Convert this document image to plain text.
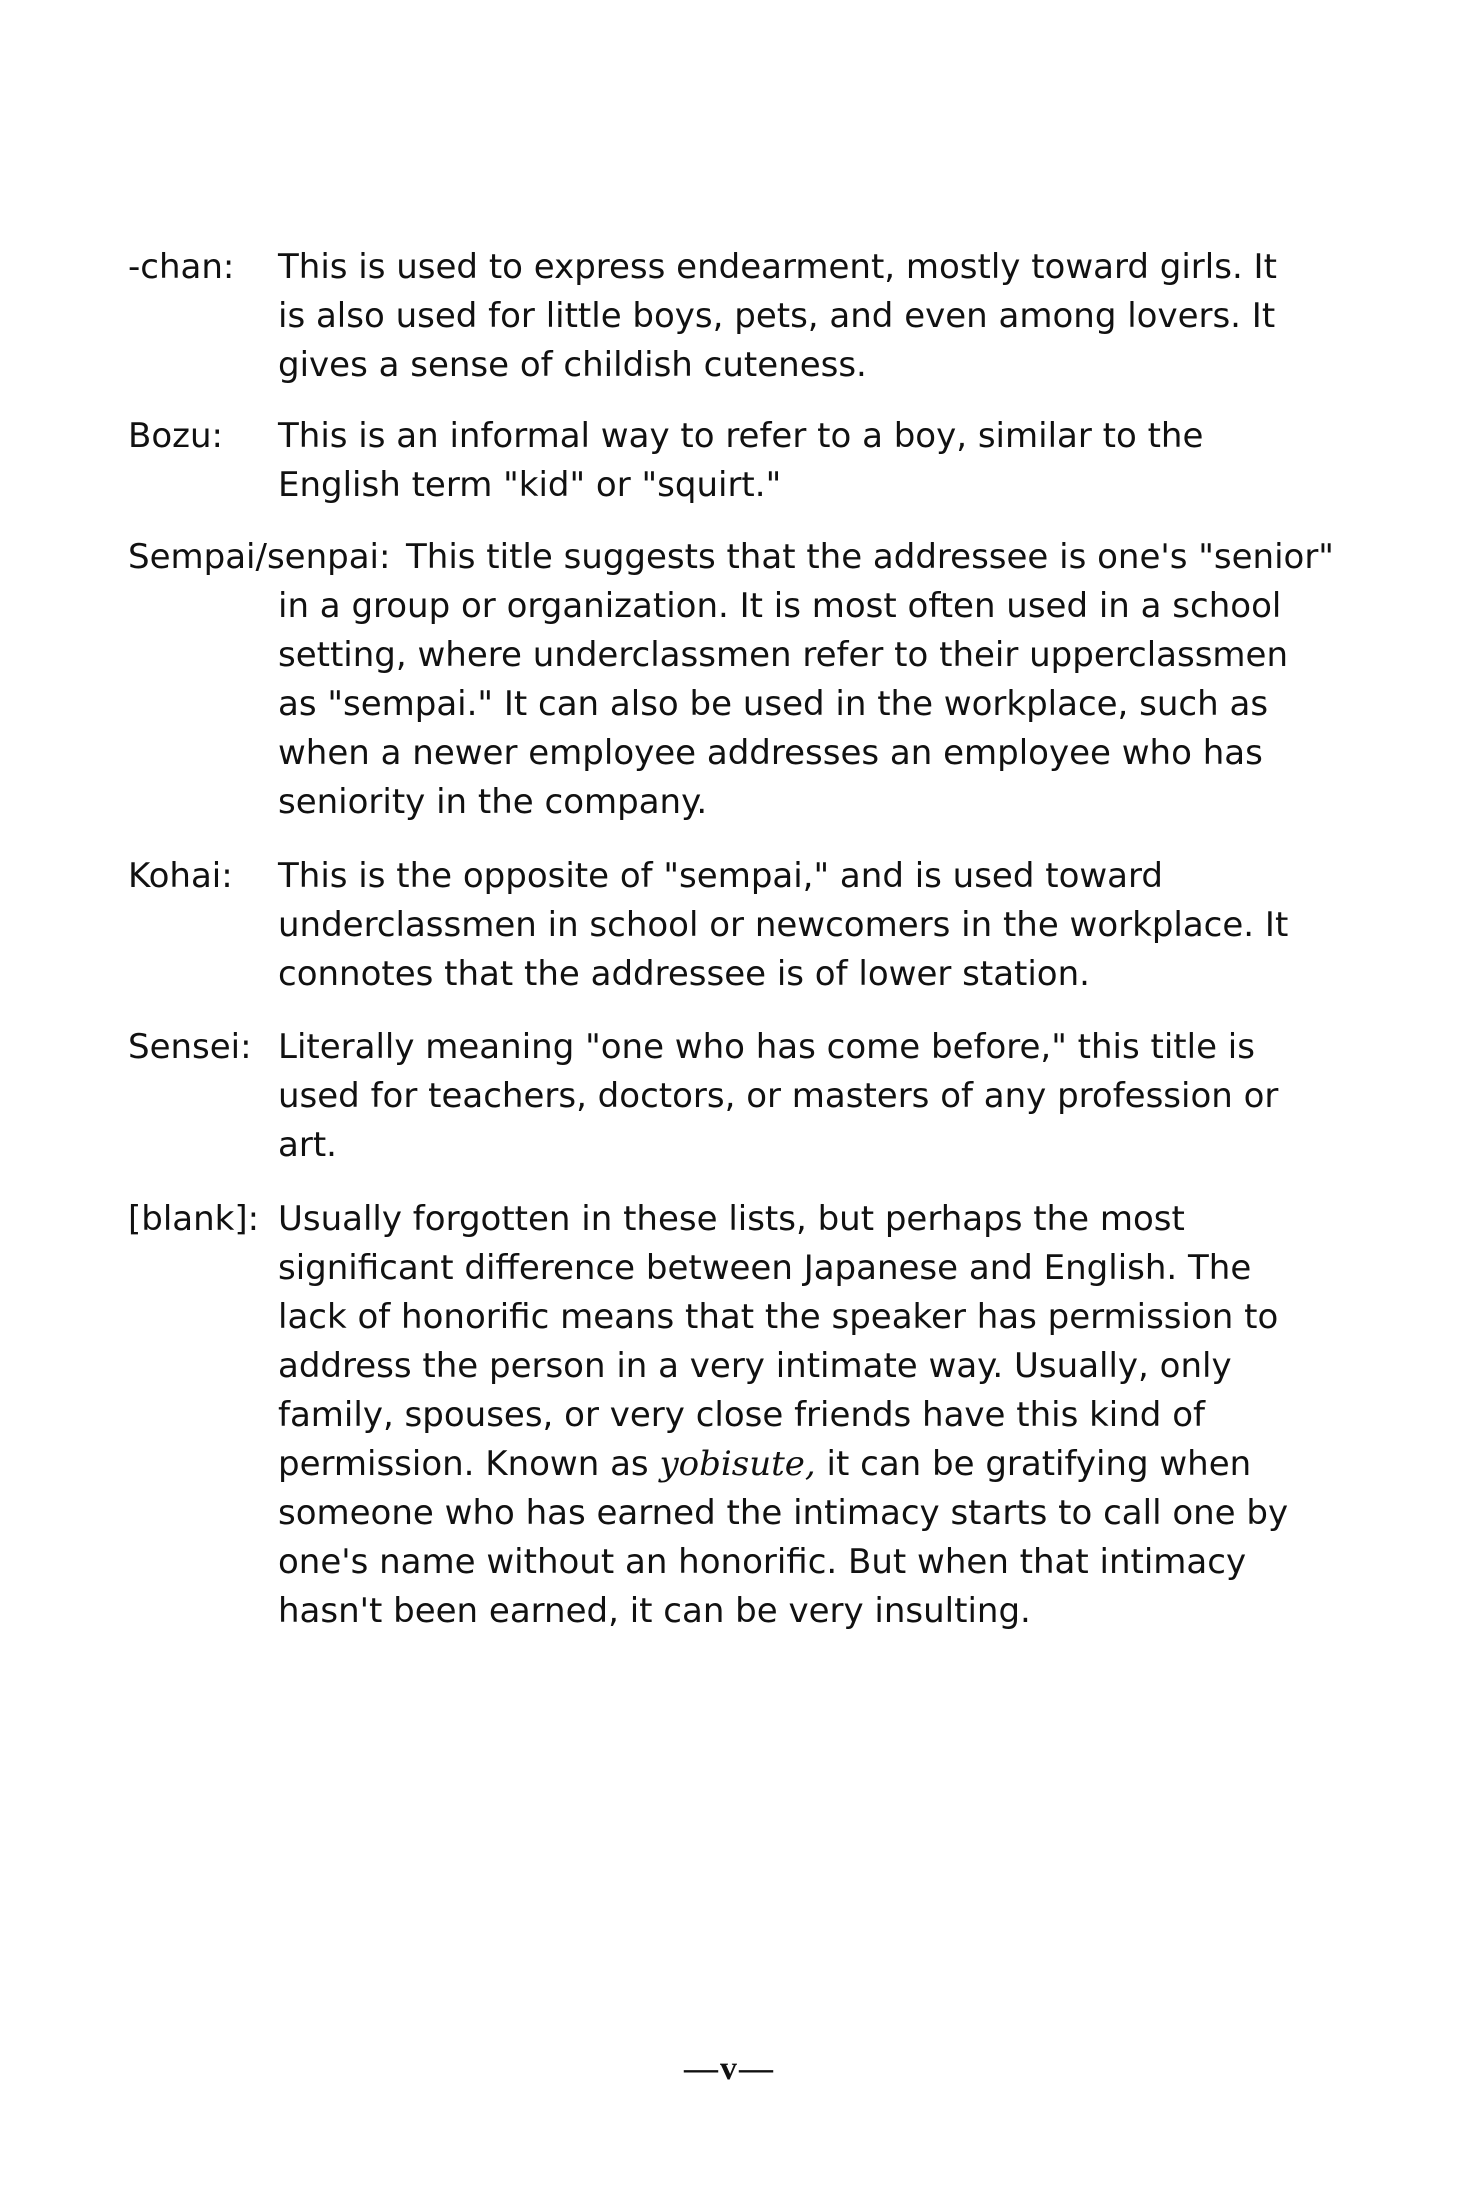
-chan: This is used to express endearment, mostly toward girls. It
is also used for little boys, pets, and even among lovers. It
gives a sense of childish cuteness.
Bozu: This is an informal way to refer to a boy, similar to the
English term "kid" or "squirt."
Sempai/senpai: This title suggests that the addressee is one's "senior"
in a group or organization. It is most often used in a school
setting, where underclassmen refer to their upperclassmen
as "sempai." It can also be used in the workplace, such as
when a newer employee addresses an employee who has
seniority in the company.
Kohai: This is the opposite of "sempai," and is used toward
underclassmen in school or newcomers in the workplace. It
connotes that the addressee is of lower station.
Sensei: Literally meaning "one who has come before," this title is
used for teachers, doctors, or masters of any profession or
art.
[blank]: Usually forgotten in these lists, but perhaps the most
significant difference between Japanese and English. The
lack of honorific means that the speaker has permission to
address the person in a very intimate way. Usually, only
family, spouses, or very close friends have this kind of
permission. Known as yobisute, it can be gratifying when
someone who has earned the intimacy starts to call one by
one's name without an honorific. But when that intimacy
hasn't been earned, it can be very insulting.
—v—
